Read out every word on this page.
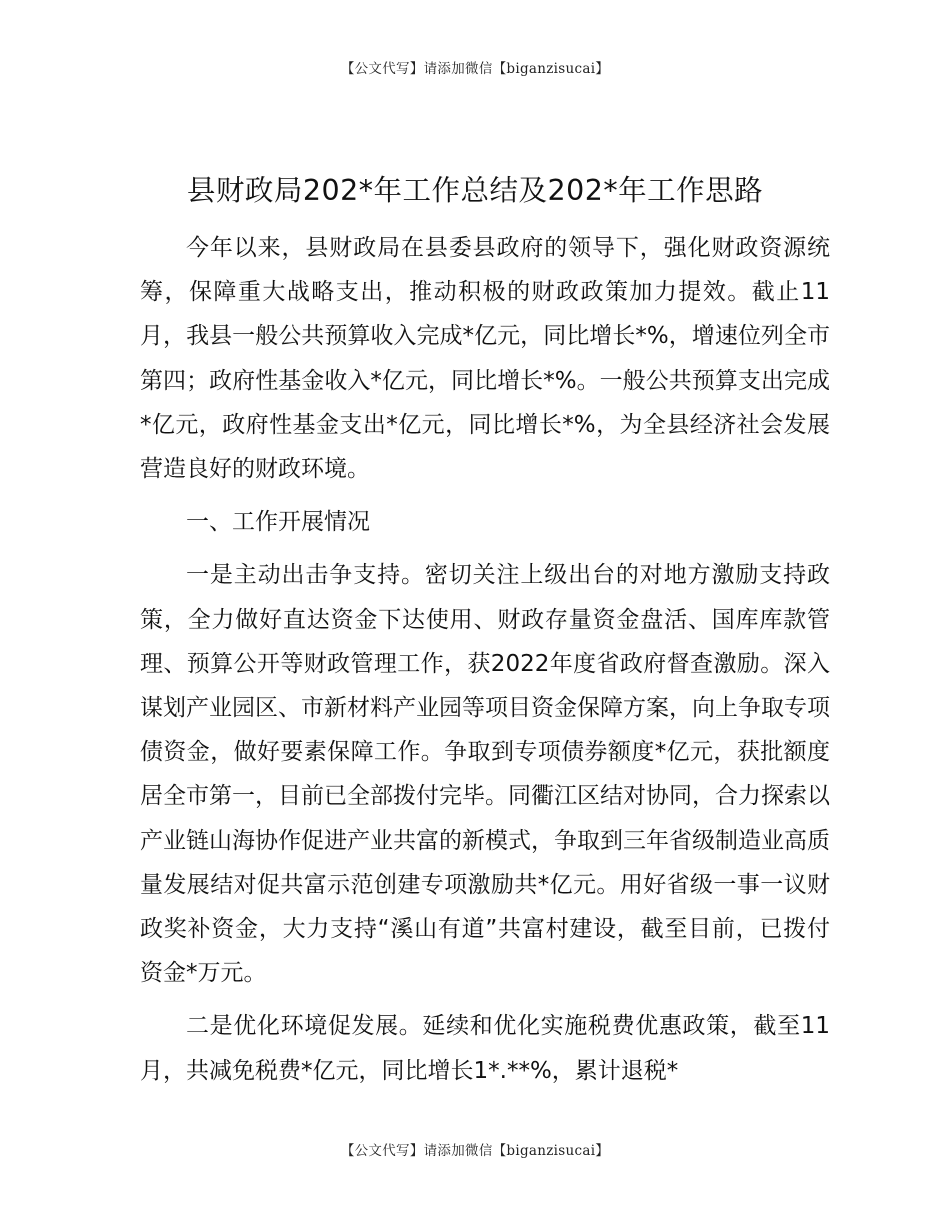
【公文代写】请添加微信【biganzisucai】
县财政局202*年工作总结及202*年工作思路

今年以来，县财政局在县委县政府的领导下，强化财政资源统筹，保障重大战略支出，推动积极的财政政策加力提效。截止11月，我县一般公共预算收入完成*亿元，同比增长*%，增速位列全市第四；政府性基金收入*亿元，同比增长*%。一般公共预算支出完成*亿元，政府性基金支出*亿元，同比增长*%，为全县经济社会发展营造良好的财政环境。

一、工作开展情况

一是主动出击争支持。密切关注上级出台的对地方激励支持政策，全力做好直达资金下达使用、财政存量资金盘活、国库库款管理、预算公开等财政管理工作，获2022年度省政府督查激励。深入谋划产业园区、市新材料产业园等项目资金保障方案，向上争取专项债资金，做好要素保障工作。争取到专项债券额度*亿元，获批额度居全市第一，目前已全部拨付完毕。同衢江区结对协同，合力探索以产业链山海协作促进产业共富的新模式，争取到三年省级制造业高质量发展结对促共富示范创建专项激励共*亿元。用好省级一事一议财政奖补资金，大力支持“溪山有道”共富村建设，截至目前，已拨付资金*万元。

二是优化环境促发展。延续和优化实施税费优惠政策，截至11月，共减免税费*亿元，同比增长1*.**%，累计退税*

【公文代写】请添加微信【biganzisucai】
